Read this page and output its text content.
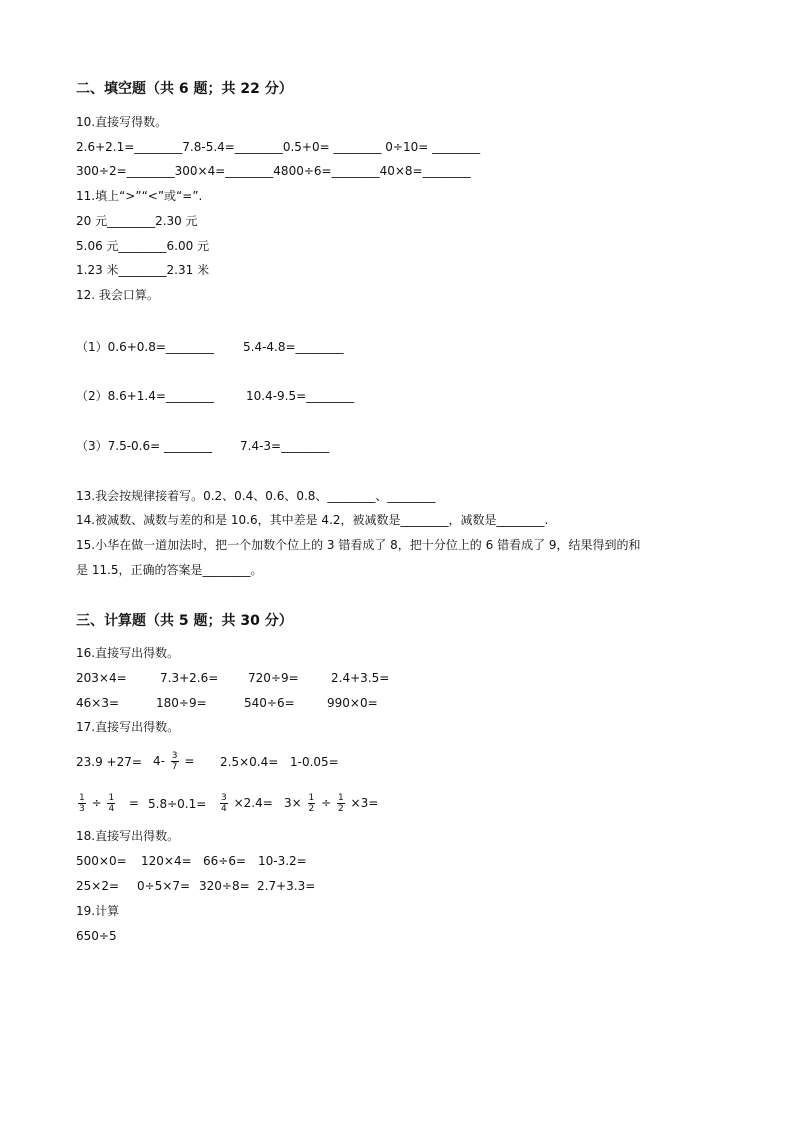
二、填空题（共 6 题；共 22 分）
10.直接写得数。
2.6+2.1=________7.8-5.4=________0.5+0= ________ 0÷10= ________
300÷2=________300×4=________4800÷6=________40×8=________
11.填上“>”“<”或“=”.
20 元________2.30 元
5.06 元________6.00 元
1.23 米________2.31 米
12. 我会口算。
（1）0.6+0.8=________ 5.4-4.8=________
（2）8.6+1.4=________	10.4-9.5=________
（3）7.5-0.6= ________ 7.4-3=________
13.我会按规律接着写。0.2、0.4、0.6、0.8、________、________
14.被减数、减数与差的和是 10.6，其中差是 4.2，被减数是________，减数是________.
15.小华在做一道加法时，把一个加数个位上的 3 错看成了 8，把十分位上的 6 错看成了 9，结果得到的和
是 11.5，正确的答案是________。
三、计算题（共 5 题；共 30 分）
16.直接写出得数。
203×4=	7.3+2.6= 720÷9=	2.4+3.5=
46×3=	180÷9=	540÷6=	990×0=
17.直接写出得数。
$23.9 +27= 4- \frac{3}{7} = 2.5\times 0.4= 1-0.05=$
$\frac{1}{3} \div \frac{1}{4} = 5.8\div 0.1= \frac{3}{4} \times 2.4= 3\times \frac{1}{2} \div \frac{1}{2} \times 3=$
18.直接写出得数。
500×0= 120×4= 66÷6= 10-3.2=
25×2= 0÷5×7= 320÷8= 2.7+3.3=
19.计算
650÷5
